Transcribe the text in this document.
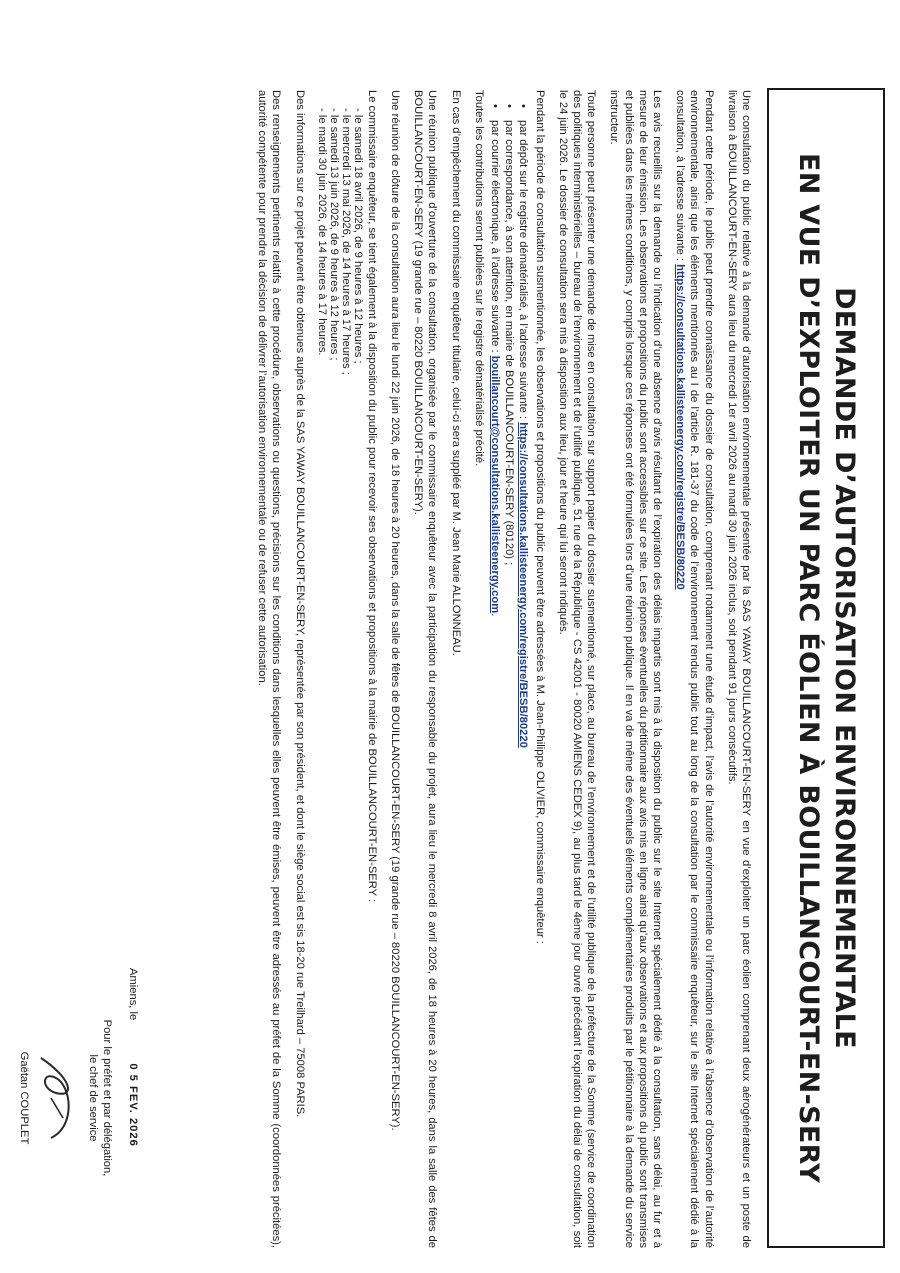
DEMANDE D’AUTORISATION ENVIRONNEMENTALE
EN VUE D’EXPLOITER UN PARC ÉOLIEN À BOUILLANCOURT-EN-SERY

Une consultation du public relative à la demande d’autorisation environnementale présentée par la SAS YAWAY BOUILLANCOURT-EN-SERY en vue d’exploiter un parc éolien comprenant deux aérogénérateurs et un poste de livraison à BOUILLANCOURT-EN-SERY aura lieu du mercredi 1er avril 2026 au mardi 30 juin 2026 inclus, soit pendant 91 jours consécutifs.

Pendant cette période, le public peut prendre connaissance du dossier de consultation, comprenant notamment une étude d’impact, l’avis de l’autorité environnementale ou l’information relative à l’absence d’observation de l’autorité environnementale, ainsi que les éléments mentionnés au I de l’article R. 181-37 du code de l’environnement rendus public tout au long de la consultation par le commissaire enquêteur, sur le site Internet spécialement dédié à la consultation, à l’adresse suivante : https://consultations.kallisteenergy.com/registre/BESB/80220

Les avis recueillis sur la demande ou l’indication d’une absence d’avis résultant de l’expiration des délais impartis sont mis à la disposition du public sur le site Internet spécialement dédié à la consultation, sans délai, au fur et à mesure de leur émission. Les observations et propositions du public sont accessibles sur ce site. Les réponses éventuelles du pétitionnaire aux avis mis en ligne ainsi qu’aux observations et aux propositions du public sont transmises et publiées dans les mêmes conditions, y compris lorsque ces réponses ont été formulées lors d’une réunion publique. Il en va de même des éventuels éléments complémentaires produits par le pétitionnaire à la demande du service instructeur.

Toute personne peut présenter une demande de mise en consultation sur support papier du dossier susmentionné, sur place, au bureau de l’environnement et de l’utilité publique de la préfecture de la Somme (service de coordination des politiques interministérielles – bureau de l’environnement et de l’utilité publique, 51 rue de la République - CS 42001 - 80020 AMIENS CEDEX 9), au plus tard le 4ème jour ouvré précédant l’expiration du délai de consultation, soit le 24 juin 2026. Le dossier de consultation sera mis à disposition aux lieu, jour et heure qui lui seront indiqués.

Pendant la période de consultation susmentionnée, les observations et propositions du public peuvent être adressées à M. Jean-Philippe OLIVIER, commissaire enquêteur :

• par dépôt sur le registre dématérialisé, à l’adresse suivante : https://consultations.kallisteenergy.com/registre/BESB/80220
• par correspondance, à son attention, en mairie de BOUILLANCOURT-EN-SERY (80120) ;
• par courrier électronique, à l’adresse suivante : bouillancourt@consultations.kallisteenergy.com.

Toutes les contributions seront publiées sur le registre dématérialisé précité.

En cas d’empêchement du commissaire enquêteur titulaire, celui-ci sera suppléé par M. Jean Marie ALLONNEAU.

Une réunion publique d’ouverture de la consultation, organisée par le commissaire enquêteur avec la participation du responsable du projet, aura lieu le mercredi 8 avril 2026, de 18 heures à 20 heures, dans la salle des fêtes de BOUILLANCOURT-EN-SERY (19 grande rue – 80220 BOUILLANCOURT-EN-SERY).

Une réunion de clôture de la consultation aura lieu le lundi 22 juin 2026, de 18 heures à 20 heures, dans la salle de fêtes de BOUILLANCOURT-EN-SERY (19 grande rue – 80220 BOUILLANCOURT-EN-SERY).

Le commissaire enquêteur, se tient également à la disposition du public pour recevoir ses observations et propositions à la mairie de BOUILLANCOURT-EN-SERY :

- le samedi 18 avril 2026, de 9 heures à 12 heures ;
- le mercredi 13 mai 2026, de 14 heures à 17 heures ;
- le samedi 13 juin 2026, de 9 heures à 12 heures ;
- le mardi 30 juin 2026, de 14 heures à 17 heures.

Des informations sur ce projet peuvent être obtenues auprès de la SAS YAWAY BOUILLANCOURT-EN-SERY, représentée par son président, et dont le siège social est sis 18-20 rue Treilhard – 75008 PARIS.

Des renseignements pertinents relatifs à cette procédure, observations ou questions, précisions sur les conditions dans lesquelles elles peuvent être émises, peuvent être adressés au préfet de la Somme (coordonnées précitées), autorité compétente pour prendre la décision de délivrer l’autorisation environnementale ou de refuser cette autorisation.

Amiens, le 0 5 FEV. 2026
Pour le préfet et par délégation,
le chef de service
Gaëtan COUPLET
